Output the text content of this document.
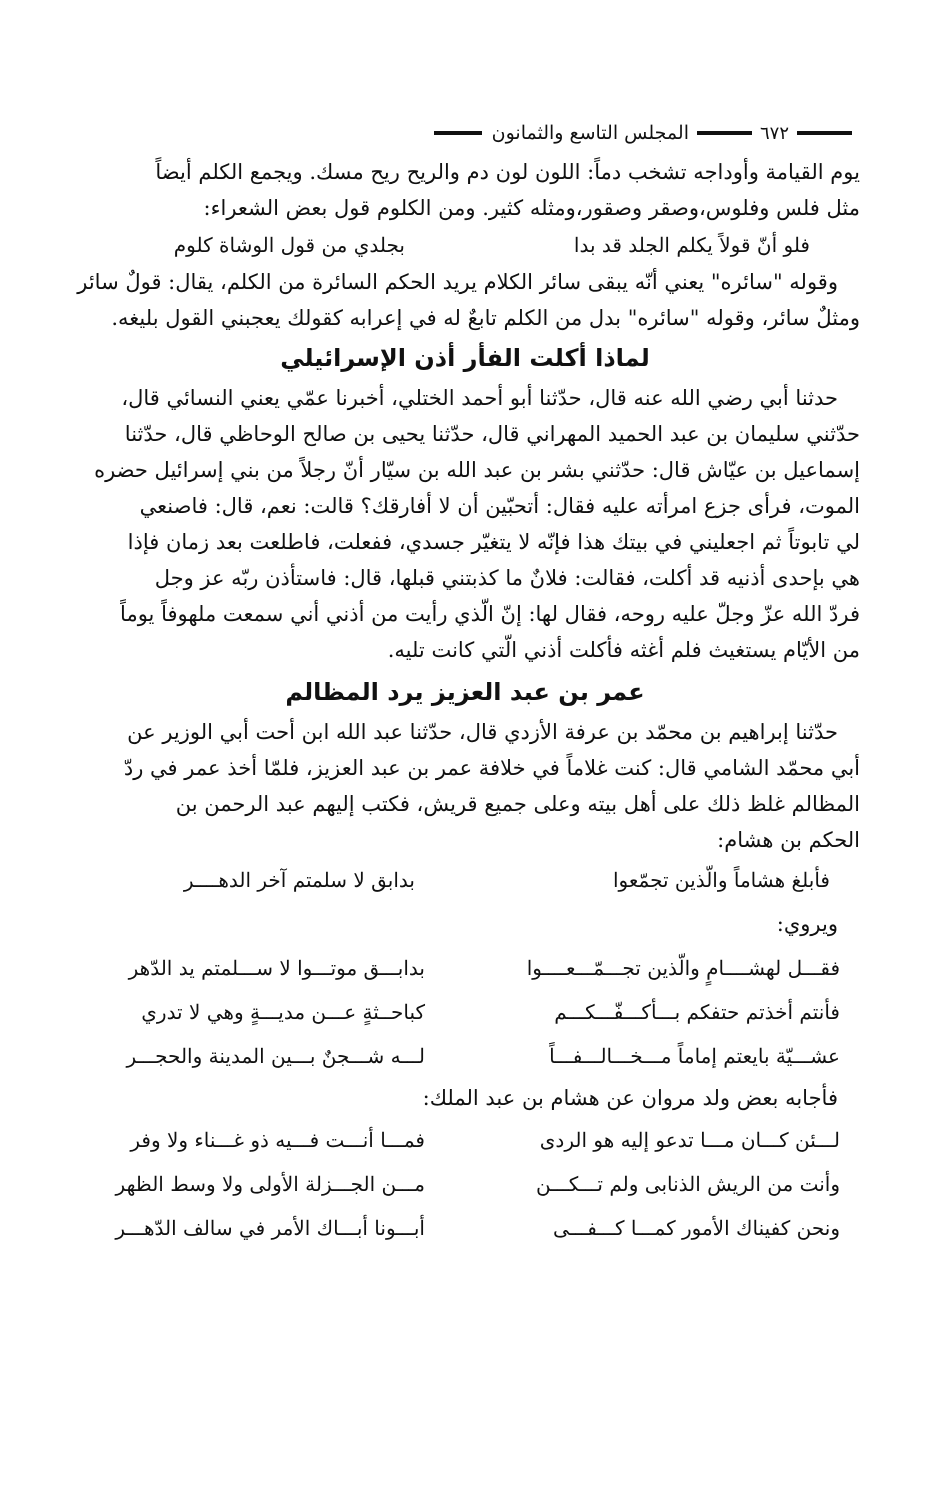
٦٧٢
المجلس التاسع والثمانون

يوم القيامة وأوداجه تشخب دماً: اللون لون دم والريح ريح مسك. ويجمع الكلم أيضاً

مثل فلس وفلوس،وصقر وصقور،ومثله كثير. ومن الكلوم قول بعض الشعراء:

فلو أنّ قولاً يكلم الجلد قد بدا
بجلدي من قول الوشاة كلوم

وقوله "سائره" يعني أنّه يبقى سائر الكلام يريد الحكم السائرة من الكلم، يقال: قولٌ سائر

ومثلٌ سائر، وقوله "سائره" بدل من الكلم تابعٌ له في إعرابه كقولك يعجبني القول بليغه.

لماذا أكلت الفأر أذن الإسرائيلي

حدثنا أبي رضي الله عنه قال، حدّثنا أبو أحمد الختلي، أخبرنا عمّي يعني النسائي قال،

حدّثني سليمان بن عبد الحميد المهراني قال، حدّثنا يحيى بن صالح الوحاظي قال، حدّثنا

إسماعيل بن عيّاش قال: حدّثني بشر بن عبد الله بن سيّار أنّ رجلاً من بني إسرائيل حضره

الموت، فرأى جزع امرأته عليه فقال: أتحبّين أن لا أفارقك؟ قالت: نعم، قال: فاصنعي

لي تابوتاً ثم اجعليني في بيتك هذا فإنّه لا يتغيّر جسدي، ففعلت، فاطلعت بعد زمان فإذا

هي بإحدى أذنيه قد أكلت، فقالت: فلانٌ ما كذبتني قبلها، قال: فاستأذن ربّه عز وجل

فردّ الله عزّ وجلّ عليه روحه، فقال لها: إنّ الّذي رأيت من أذني أني سمعت ملهوفاً يوماً

من الأيّام يستغيث فلم أغثه فأكلت أذني الّتي كانت تليه.

عمر بن عبد العزيز يرد المظالم

حدّثنا إبراهيم بن محمّد بن عرفة الأزدي قال، حدّثنا عبد الله ابن أحت أبي الوزير عن

أبي محمّد الشامي قال: كنت غلاماً في خلافة عمر بن عبد العزيز، فلمّا أخذ عمر في ردّ

المظالم غلظ ذلك على أهل بيته وعلى جميع قريش، فكتب إليهم عبد الرحمن بن

الحكم بن هشام:

فأبلغ هشاماً والّذين تجمّعوا
بدابق لا سلمتم آخر الدهــــر

ويروي:

فقـــل لهشــــامٍ والّذين تجـــمّـــعــــوا
بدابـــق موتـــوا لا ســـلمتم يد الدّهر
فأنتم أخذتم حتفكم بـــأكـــفّـــكـــم
كباحــثةٍ عـــن مديـــةٍ وهي لا تدري
عشـــيّة بايعتم إماماً مـــخـــالـــفـــاً
لـــه شـــجنٌ بـــين المدينة والحجـــر

فأجابه بعض ولد مروان عن هشام بن عبد الملك:

لـــئن كـــان مـــا تدعو إليه هو الردى
فمـــا أنـــت فـــيه ذو غـــناء ولا وفر
وأنت من الريش الذنابى ولم تـــكـــن
مـــن الجـــزلة الأولى ولا وسط الظهر
ونحن كفيناك الأمور كمـــا كـــفـــى
أبـــونا أبـــاك الأمر في سالف الدّهـــر
